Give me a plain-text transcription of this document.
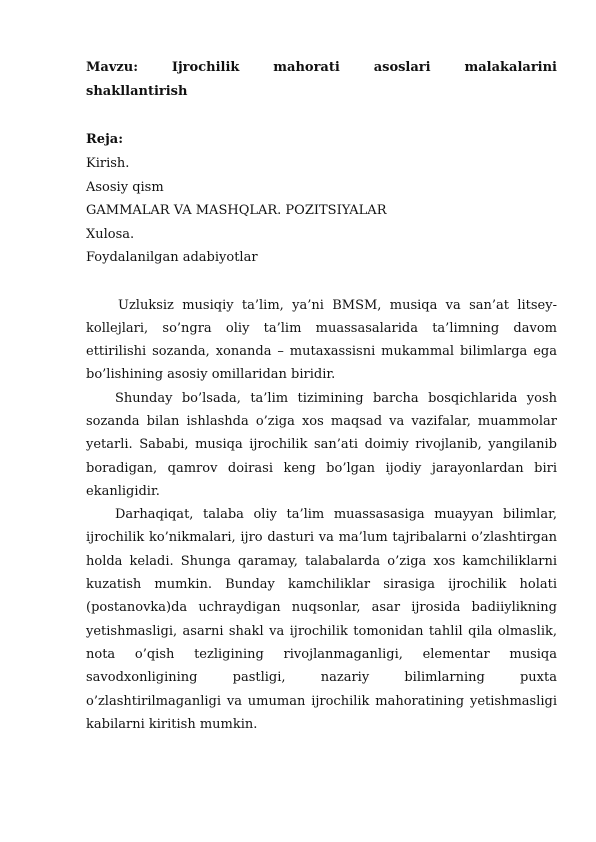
Mavzu:	Ijrochilik	mahorati	asoslari	malakalarini
shakllantirish
Reja:
Kirish.
Asosiy qism
GAMMALAR VA MASHQLAR. POZITSIYALAR
Xulosa.
Foydalanilgan adabiyotlar

Uzluksiz musiqiy ta’lim, ya’ni BMSM, musiqa va san’at litsey-kollejlari, so’ngra oliy ta’lim muassasalarida ta’limning davom ettirilishi sozanda, xonanda – mutaxassisni mukammal bilimlarga ega bo’lishining asosiy omillaridan biridir.

Shunday bo’lsada, ta’lim tizimining barcha bosqichlarida yosh sozanda bilan ishlashda o’ziga xos maqsad va vazifalar, muammolar yetarli. Sababi, musiqa ijrochilik san’ati doimiy rivojlanib, yangilanib boradigan, qamrov doirasi keng bo’lgan ijodiy jarayonlardan biri ekanligidir.

Darhaqiqat, talaba oliy ta’lim muassasasiga muayyan bilimlar, ijrochilik ko’nikmalari, ijro dasturi va ma’lum tajribalarni o’zlashtirgan holda keladi. Shunga qaramay, talabalarda o’ziga xos kamchiliklarni kuzatish mumkin. Bunday kamchiliklar sirasiga ijrochilik holati (postanovka)da uchraydigan nuqsonlar, asar ijrosida badiiylikning yetishmasligi, asarni shakl va ijrochilik tomonidan tahlil qila olmaslik, nota o’qish tezligining rivojlanmaganligi, elementar musiqa savodxonligining pastligi, nazariy bilimlarning puxta o’zlashtirilmaganligi va umuman ijrochilik mahoratining yetishmasligi kabilarni kiritish mumkin.
